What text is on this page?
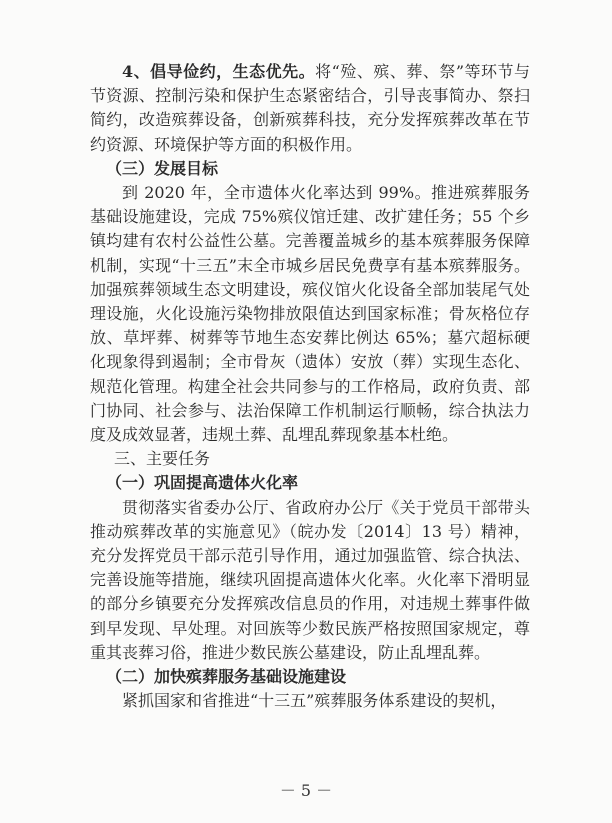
4、倡导俭约，生态优先。将“殓、殡、葬、祭”等环节与节资源、控制污染和保护生态紧密结合，引导丧事简办、祭扫简约，改造殡葬设备，创新殡葬科技，充分发挥殡葬改革在节约资源、环境保护等方面的积极作用。

（三）发展目标

到 2020 年，全市遗体火化率达到 99%。推进殡葬服务基础设施建设，完成 75%殡仪馆迁建、改扩建任务；55 个乡镇均建有农村公益性公墓。完善覆盖城乡的基本殡葬服务保障机制，实现“十三五”末全市城乡居民免费享有基本殡葬服务。加强殡葬领域生态文明建设，殡仪馆火化设备全部加装尾气处理设施，火化设施污染物排放限值达到国家标准；骨灰格位存放、草坪葬、树葬等节地生态安葬比例达 65%；墓穴超标硬化现象得到遏制；全市骨灰（遗体）安放（葬）实现生态化、规范化管理。构建全社会共同参与的工作格局，政府负责、部门协同、社会参与、法治保障工作机制运行顺畅，综合执法力度及成效显著，违规土葬、乱埋乱葬现象基本杜绝。

三、主要任务

（一）巩固提高遗体火化率

贯彻落实省委办公厅、省政府办公厅《关于党员干部带头推动殡葬改革的实施意见》（皖办发〔2014〕13 号）精神，充分发挥党员干部示范引导作用，通过加强监管、综合执法、完善设施等措施，继续巩固提高遗体火化率。火化率下滑明显的部分乡镇要充分发挥殡改信息员的作用，对违规土葬事件做到早发现、早处理。对回族等少数民族严格按照国家规定，尊重其丧葬习俗，推进少数民族公墓建设，防止乱埋乱葬。

（二）加快殡葬服务基础设施建设

紧抓国家和省推进“十三五”殡葬服务体系建设的契机，

－ 5 －
